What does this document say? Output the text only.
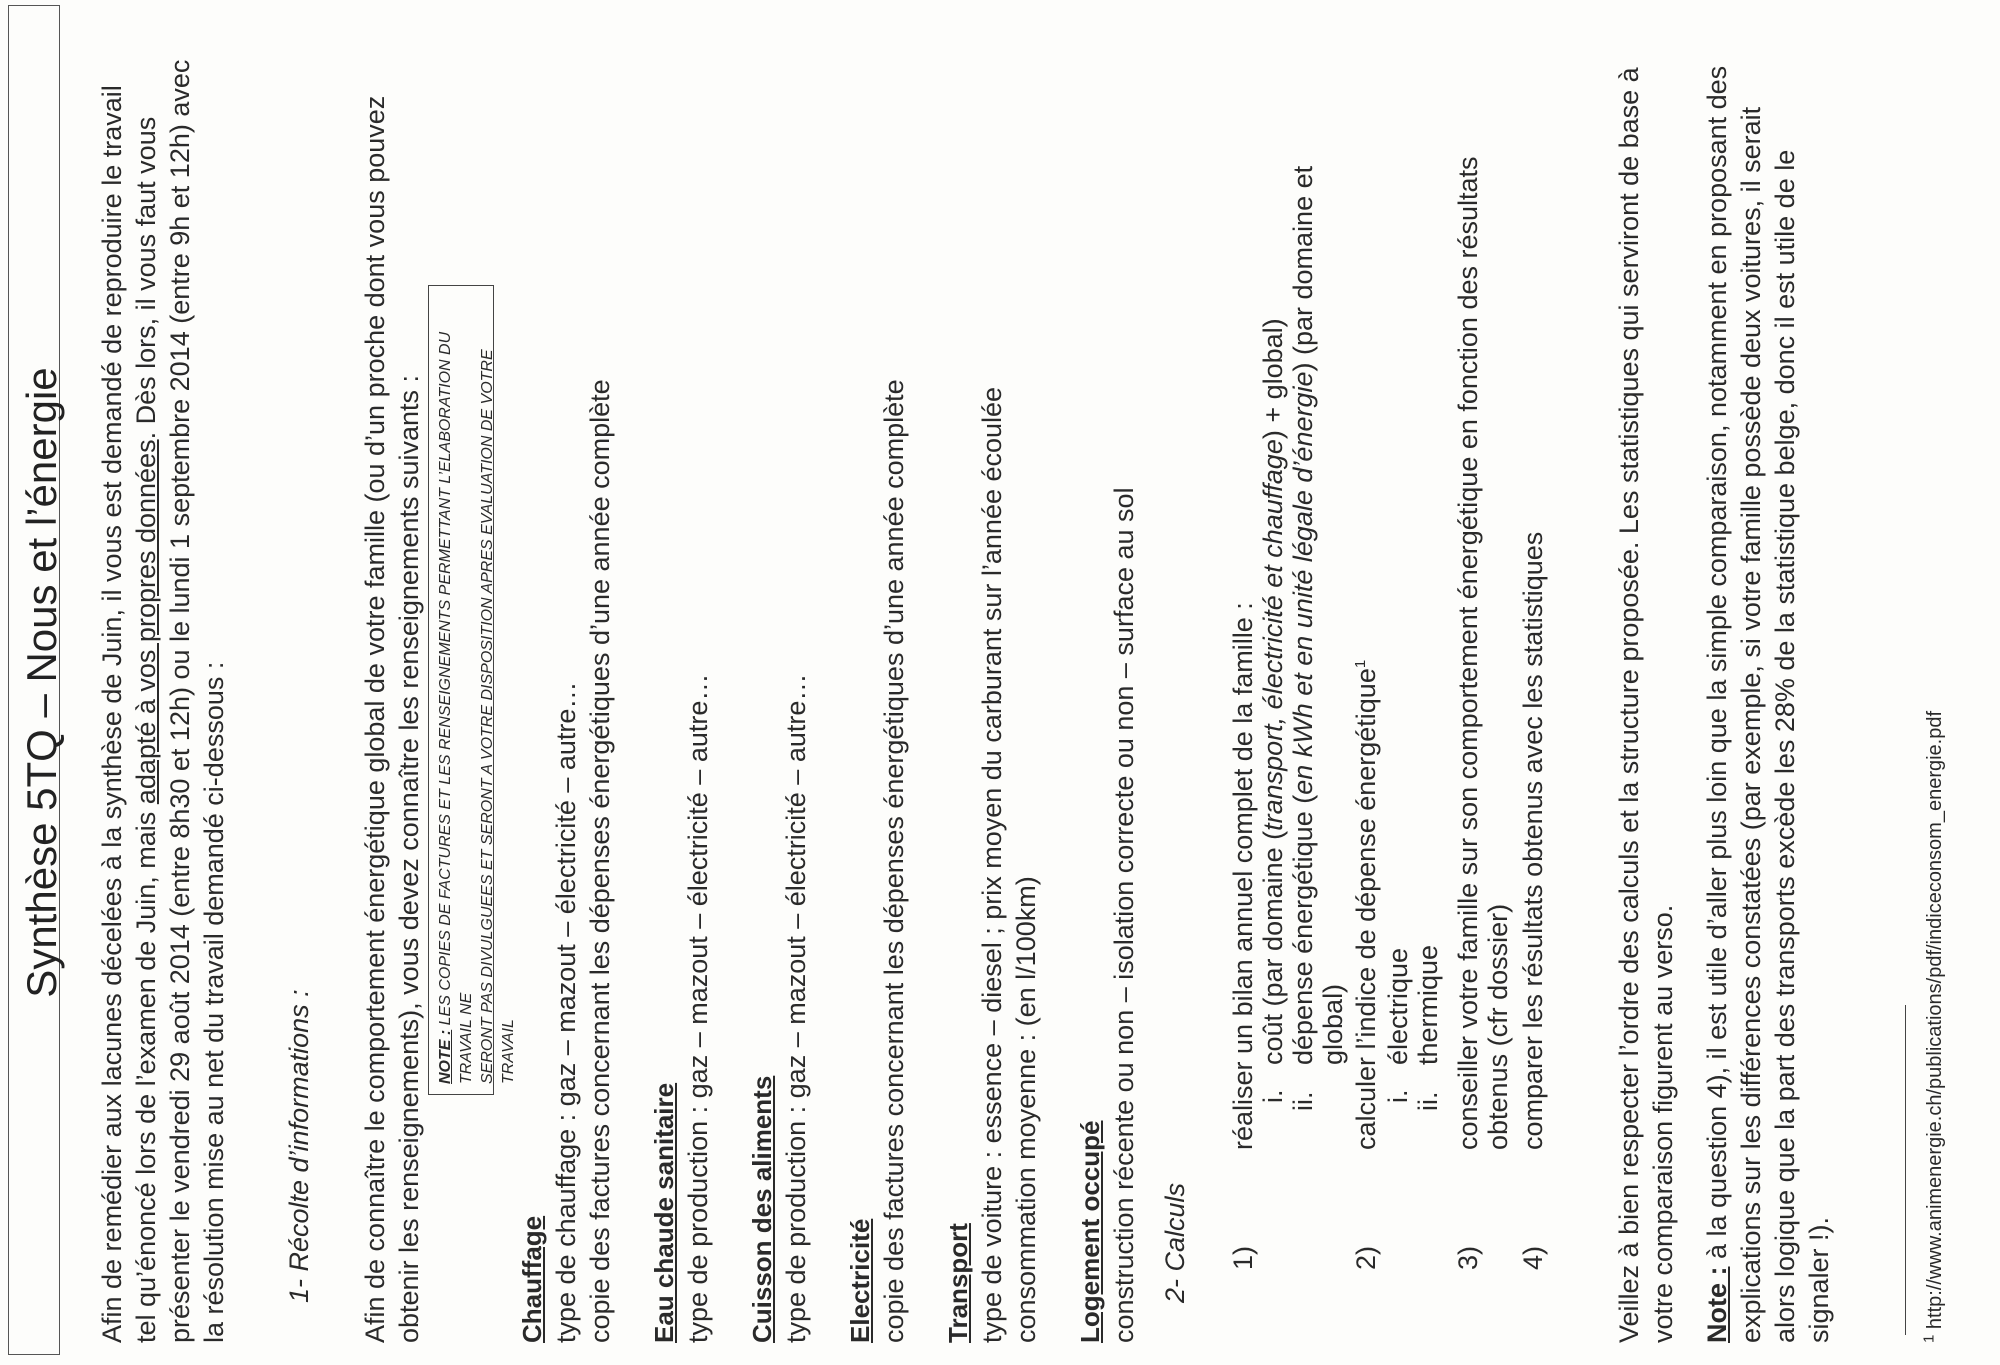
Synthèse 5TQ – Nous et l’énergie Afin de remédier aux lacunes décelées à la synthèse de Juin, il vous est demandé de reproduire le travail tel qu’énoncé lors de l’examen de Juin, mais adapté à vos propres données. Dès lors, il vous faut vous présenter le vendredi 29 août 2014 (entre 8h30 et 12h) ou le lundi 1 septembre 2014 (entre 9h et 12h) avec la résolution mise au net du travail demandé ci-dessous : 1- Récolte d’informations : Afin de connaître le comportement énergétique global de votre famille (ou d’un proche dont vous pouvez obtenir les renseignements), vous devez connaître les renseignements suivants : NOTE : LES COPIES DE FACTURES ET LES RENSEIGNEMENTS PERMETTANT L’ELABORATION DU TRAVAIL NE SERONT PAS DIVULGUEES ET SERONT A VOTRE DISPOSITION APRES EVALUATION DE VOTRE TRAVAIL
Chauffage type de chauffage : gaz – mazout – électricité – autre… copie des factures concernant les dépenses énergétiques d’une année complète Eau chaude sanitaire type de production : gaz – mazout – électricité – autre… Cuisson des aliments type de production : gaz – mazout – électricité – autre… Electricité copie des factures concernant les dépenses énergétiques d’une année complète Transport type de voiture : essence – diesel ; prix moyen du carburant sur l’année écoulée consommation moyenne : (en l/100km) Logement occupé construction récente ou non – isolation correcte ou non – surface au sol 2- Calculs 1)
réaliser un bilan annuel complet de la famille : i.
coût (par domaine (transport, électricité et chauffage) + global)
ii.
dépense énergétique (en kWh et en unité légale d’énergie) (par domaine et
global)
2)
calculer l’indice de dépense énergétique$^1$
i.
électrique
ii.
thermique
3)
conseiller votre famille sur son comportement énergétique en fonction des résultats obtenus (cfr dossier)
4)
comparer les résultats obtenus avec les statistiques Veillez à bien respecter l’ordre des calculs et la structure proposée. Les statistiques qui serviront de base à votre comparaison figurent au verso. Note : à la question 4), il est utile d’aller plus loin que la simple comparaison, notamment en proposant des explications sur les différences constatées (par exemple, si votre famille possède deux voitures, il serait alors logique que la part des transports excède les 28% de la statistique belge, donc il est utile de le signaler !).	$^1$ http://www.animenergie.ch/publications/pdf/indiceconsom_energie.pdf
